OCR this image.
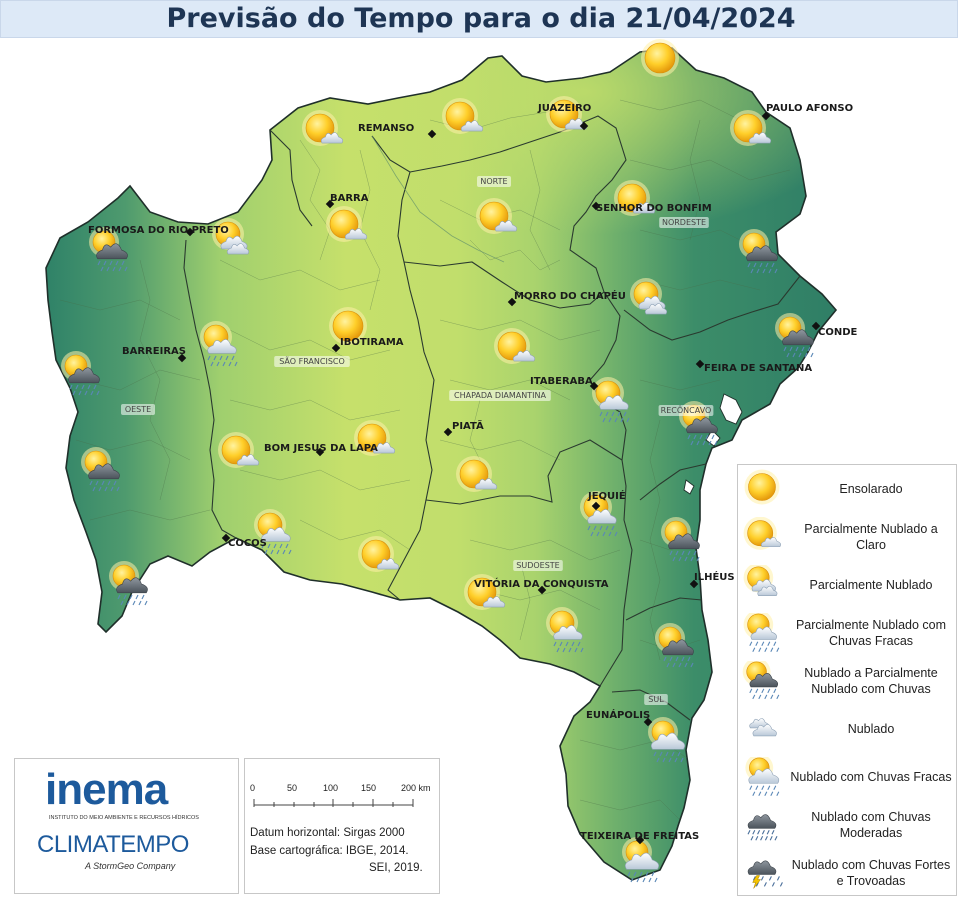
Previsão do Tempo para o dia 21/04/2024
REMANSO
JUAZEIRO	PAULO AFONSO
BARRA
SENHOR DO BONFIM
FORMOSA DO RIO PRETO
MORRO DO CHAPÉU
CONDE
BARREIRAS
IBOTIRAMA
FEIRA DE SANTANA
ITABERABA
PIATÃ
BOM JESUS DA LAPA
JEQUIÉ
COCOS
ILHÉUS
VITÓRIA DA CONQUISTA
EUNÁPOLIS
TEIXEIRA DE FREITAS
NORTE
NORDESTE
SÃO FRANCISCO
OESTE
CHAPADA DIAMANTINA
RECÔNCAVO
SUDOESTE
SUL
Ensolarado
Parcialmente Nublado a Claro
Parcialmente Nublado
Parcialmente Nublado com Chuvas Fracas
Nublado a Parcialmente Nublado com Chuvas
Nublado
Nublado com Chuvas Fracas
Nublado com Chuvas Moderadas
Nublado com Chuvas Fortes e Trovoadas
inema
INSTITUTO DO MEIO AMBIENTE E RECURSOS HÍDRICOS
CLIMATEMPO
A StormGeo Company
0	50	100	150	200 km
Datum horizontal: Sirgas 2000
Base cartográfica: IBGE, 2014.
SEI, 2019.
